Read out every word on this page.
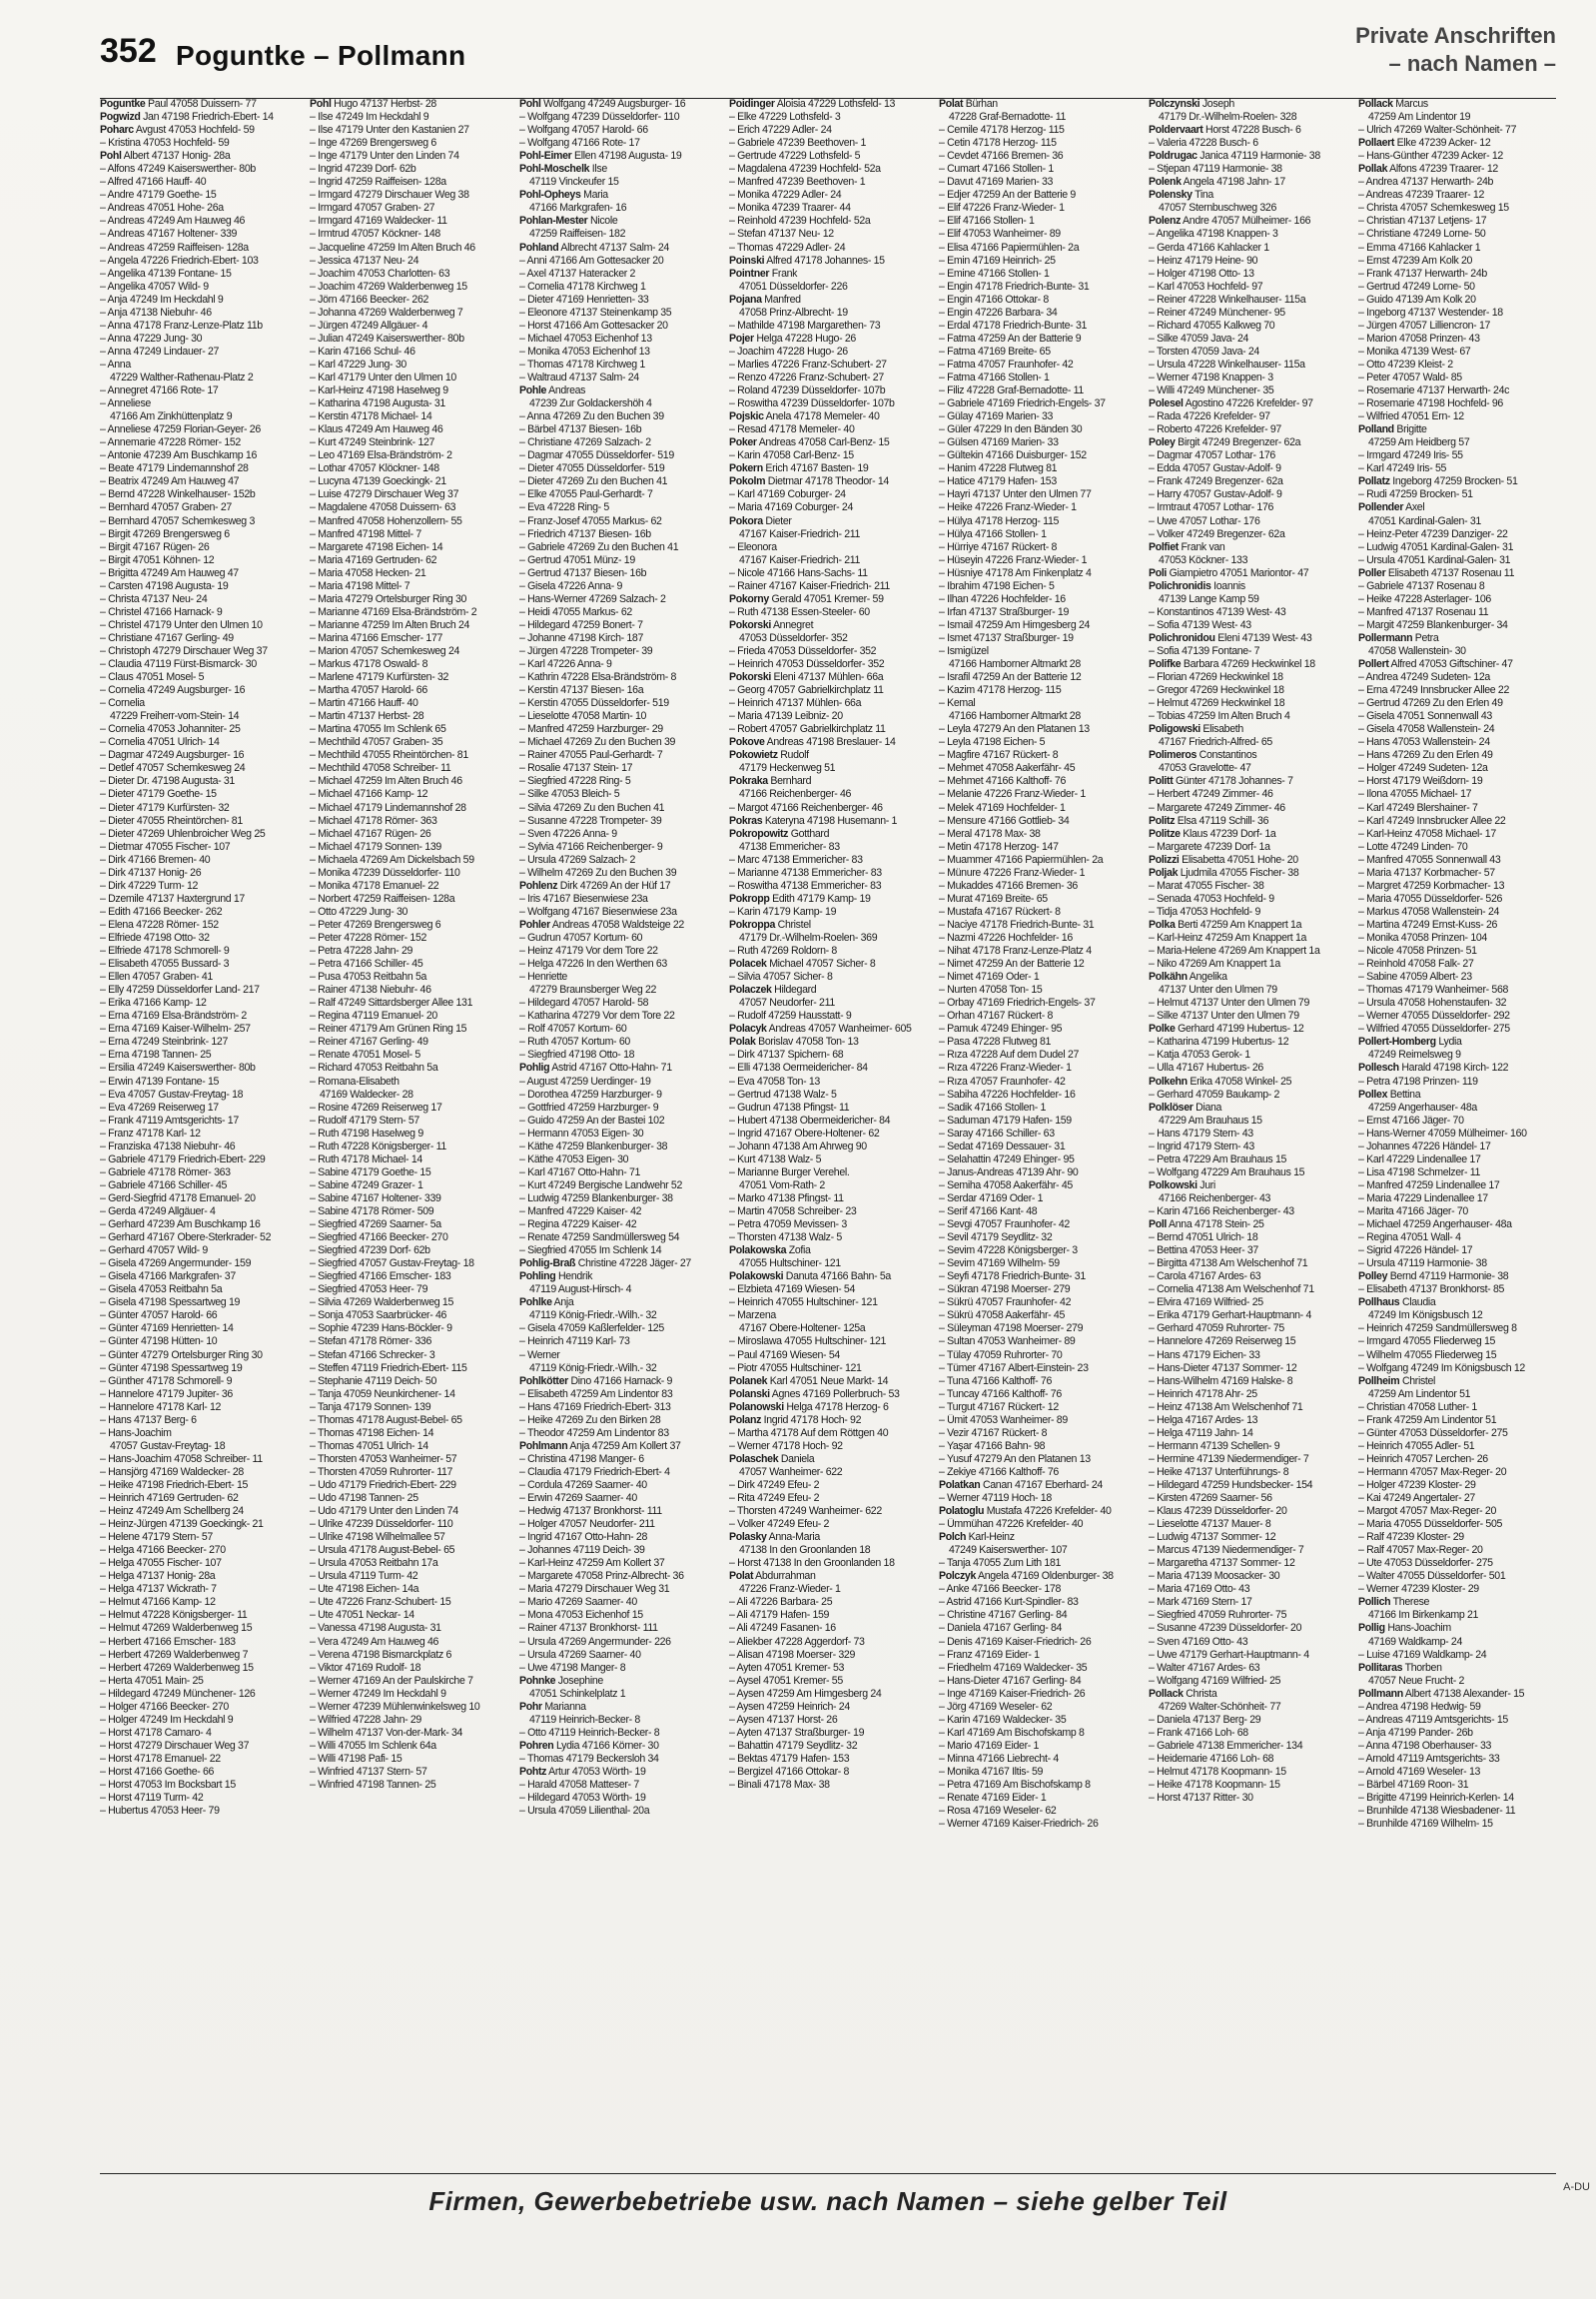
352 Poguntke – Pollmann
Private Anschriften
– nach Namen –
Poguntke Paul 47058 Duissern- 77
Pogwizd Jan 47198 Friedrich-Ebert- 14
Poharc Avgust 47053 Hochfeld- 59
– Kristina 47053 Hochfeld- 59
Pohl Albert 47137 Honig- 28a
– Alfons 47249 Kaiserswerther- 80b
– Alfred 47166 Hauff- 40
– Andre 47179 Goethe- 15
– Andreas 47051 Hohe- 26a
– Andreas 47249 Am Hauweg 46
– Andreas 47167 Holtener- 339
– Andreas 47259 Raiffeisen- 128a
– Angela 47226 Friedrich-Ebert- 103
– Angelika 47139 Fontane- 15
– Angelika 47057 Wild- 9
– Anja 47249 Im Heckdahl 9
– Anja 47138 Niebuhr- 46
– Anna 47178 Franz-Lenze-Platz 11b
– Anna 47229 Jung- 30
– Anna 47249 Lindauer- 27
– Anna
47229 Walther-Rathenau-Platz 2
– Annegret 47166 Rote- 17
– Anneliese
47166 Am Zinkhüttenplatz 9
– Anneliese 47259 Florian-Geyer- 26
– Annemarie 47228 Römer- 152
– Antonie 47239 Am Buschkamp 16
– Beate 47179 Lindemannshof 28
– Beatrix 47249 Am Hauweg 47
– Bernd 47228 Winkelhauser- 152b
– Bernhard 47057 Graben- 27
– Bernhard 47057 Schemkesweg 3
– Birgit 47269 Brengersweg 6
– Birgit 47167 Rügen- 26
– Birgit 47051 Köhnen- 12
– Brigitta 47249 Am Hauweg 47
– Carsten 47198 Augusta- 19
– Christa 47137 Neu- 24
– Christel 47166 Harnack- 9
– Christel 47179 Unter den Ulmen 10
– Christiane 47167 Gerling- 49
– Christoph 47279 Dirschauer Weg 37
– Claudia 47119 Fürst-Bismarck- 30
– Claus 47051 Mosel- 5
– Cornelia 47249 Augsburger- 16
– Cornelia
47229 Freiherr-vom-Stein- 14
– Cornelia 47053 Johanniter- 25
– Cornelia 47051 Ulrich- 14
– Dagmar 47249 Augsburger- 16
– Detlef 47057 Schemkesweg 24
– Dieter Dr. 47198 Augusta- 31
– Dieter 47179 Goethe- 15
– Dieter 47179 Kurfürsten- 32
– Dieter 47055 Rheintörchen- 81
– Dieter 47269 Uhlenbroicher Weg 25
– Dietmar 47055 Fischer- 107
– Dirk 47166 Bremen- 40
– Dirk 47137 Honig- 26
– Dirk 47229 Turm- 12
– Dzemile 47137 Haxtergrund 17
– Edith 47166 Beecker- 262
– Elena 47228 Römer- 152
– Elfriede 47198 Otto- 32
– Elfriede 47178 Schmorell- 9
– Elisabeth 47055 Bussard- 3
– Ellen 47057 Graben- 41
– Elly 47259 Düsseldorfer Land- 217
– Erika 47166 Kamp- 12
– Erna 47169 Elsa-Brändström- 2
– Erna 47169 Kaiser-Wilhelm- 257
– Erna 47249 Steinbrink- 127
– Erna 47198 Tannen- 25
– Ersilia 47249 Kaiserswerther- 80b
– Erwin 47139 Fontane- 15
– Eva 47057 Gustav-Freytag- 18
– Eva 47269 Reiserweg 17
– Frank 47119 Amtsgerichts- 17
– Franz 47178 Karl- 12
– Franziska 47138 Niebuhr- 46
– Gabriele 47179 Friedrich-Ebert- 229
– Gabriele 47178 Römer- 363
– Gabriele 47166 Schiller- 45
– Gerd-Siegfrid 47178 Emanuel- 20
– Gerda 47249 Allgäuer- 4
– Gerhard 47239 Am Buschkamp 16
– Gerhard 47167 Obere-Sterkrader- 52
– Gerhard 47057 Wild- 9
– Gisela 47269 Angermunder- 159
– Gisela 47166 Markgrafen- 37
– Gisela 47053 Reitbahn 5a
– Gisela 47198 Spessartweg 19
– Günter 47057 Harold- 66
– Günter 47169 Henrietten- 14
– Günter 47198 Hütten- 10
– Günter 47279 Ortelsburger Ring 30
– Günter 47198 Spessartweg 19
– Günther 47178 Schmorell- 9
– Hannelore 47179 Jupiter- 36
– Hannelore 47178 Karl- 12
– Hans 47137 Berg- 6
– Hans-Joachim
47057 Gustav-Freytag- 18
– Hans-Joachim 47058 Schreiber- 11
– Hansjörg 47169 Waldecker- 28
– Heike 47198 Friedrich-Ebert- 15
– Heinrich 47169 Gertruden- 62
– Heinz 47249 Am Schellberg 24
– Heinz-Jürgen 47139 Goeckingk- 21
– Helene 47179 Stern- 57
– Helga 47166 Beecker- 270
– Helga 47055 Fischer- 107
– Helga 47137 Honig- 28a
– Helga 47137 Wickrath- 7
– Helmut 47166 Kamp- 12
– Helmut 47228 Königsberger- 11
– Helmut 47269 Walderbenweg 15
– Herbert 47166 Emscher- 183
– Herbert 47269 Walderbenweg 7
– Herbert 47269 Walderbenweg 15
– Herta 47051 Main- 25
– Hildegard 47249 Münchener- 126
– Holger 47166 Beecker- 270
– Holger 47249 Im Heckdahl 9
– Horst 47178 Camaro- 4
– Horst 47279 Dirschauer Weg 37
– Horst 47178 Emanuel- 22
– Horst 47166 Goethe- 66
– Horst 47053 Im Bocksbart 15
– Horst 47119 Turm- 42
– Hubertus 47053 Heer- 79
Pohl Hugo 47137 Herbst- 28
– Ilse 47249 Im Heckdahl 9
– Ilse 47179 Unter den Kastanien 27
– Inge 47269 Brengersweg 6
– Inge 47179 Unter den Linden 74
– Ingrid 47239 Dorf- 62b
– Ingrid 47259 Raiffeisen- 128a
– Irmgard 47279 Dirschauer Weg 38
– Irmgard 47057 Graben- 27
– Irmgard 47169 Waldecker- 11
– Irmtrud 47057 Köckner- 148
– Jacqueline 47259 Im Alten Bruch 46
– Jessica 47137 Neu- 24
– Joachim 47053 Charlotten- 63
– Joachim 47269 Walderbenweg 15
– Jörn 47166 Beecker- 262
– Johanna 47269 Walderbenweg 7
– Jürgen 47249 Allgäuer- 4
– Julian 47249 Kaiserswerther- 80b
– Karin 47166 Schul- 46
– Karl 47229 Jung- 30
– Karl 47179 Unter den Ulmen 10
– Karl-Heinz 47198 Haselweg 9
– Katharina 47198 Augusta- 31
– Kerstin 47178 Michael- 14
– Klaus 47249 Am Hauweg 46
– Kurt 47249 Steinbrink- 127
– Leo 47169 Elsa-Brändström- 2
– Lothar 47057 Klöckner- 148
– Lucyna 47139 Goeckingk- 21
– Luise 47279 Dirschauer Weg 37
– Magdalene 47058 Duissern- 63
– Manfred 47058 Hohenzollern- 55
– Manfred 47198 Mittel- 7
– Margarete 47198 Eichen- 14
– Maria 47169 Gertruden- 62
– Maria 47058 Hecken- 21
– Maria 47198 Mittel- 7
– Maria 47279 Ortelsburger Ring 30
– Marianne 47169 Elsa-Brändström- 2
– Marianne 47259 Im Alten Bruch 24
– Marina 47166 Emscher- 177
– Marion 47057 Schemkesweg 24
– Markus 47178 Oswald- 8
– Marlene 47179 Kurfürsten- 32
– Martha 47057 Harold- 66
– Martin 47166 Hauff- 40
– Martin 47137 Herbst- 28
– Martina 47055 Im Schlenk 65
– Mechthild 47057 Graben- 35
– Mechthild 47055 Rheintörchen- 81
– Mechthild 47058 Schreiber- 11
– Michael 47259 Im Alten Bruch 46
– Michael 47166 Kamp- 12
– Michael 47179 Lindemannshof 28
– Michael 47178 Römer- 363
– Michael 47167 Rügen- 26
– Michael 47179 Sonnen- 139
– Michaela 47269 Am Dickelsbach 59
– Monika 47239 Düsseldorfer- 110
– Monika 47178 Emanuel- 22
– Norbert 47259 Raiffeisen- 128a
– Otto 47229 Jung- 30
– Peter 47269 Brengersweg 6
– Peter 47228 Römer- 152
– Petra 47228 Jahn- 29
– Petra 47166 Schiller- 45
– Pusa 47053 Reitbahn 5a
– Rainer 47138 Niebuhr- 46
– Ralf 47249 Sittardsberger Allee 131
– Regina 47119 Emanuel- 20
– Reiner 47179 Am Grünen Ring 15
– Reiner 47167 Gerling- 49
– Renate 47051 Mosel- 5
– Richard 47053 Reitbahn 5a
– Romana-Elisabeth
47169 Waldecker- 28
– Rosine 47269 Reiserweg 17
– Rudolf 47179 Stern- 57
– Ruth 47198 Haselweg 9
– Ruth 47228 Königsberger- 11
– Ruth 47178 Michael- 14
– Sabine 47179 Goethe- 15
– Sabine 47249 Grazer- 1
– Sabine 47167 Holtener- 339
– Sabine 47178 Römer- 509
– Siegfried 47269 Saarner- 5a
– Siegfried 47166 Beecker- 270
– Siegfried 47239 Dorf- 62b
– Siegfried 47057 Gustav-Freytag- 18
– Siegfried 47166 Emscher- 183
– Siegfried 47053 Heer- 79
– Silvia 47269 Walderbenweg 15
– Sonja 47053 Saarbrücker- 46
– Sophie 47239 Hans-Böckler- 9
– Stefan 47178 Römer- 336
– Stefan 47166 Schrecker- 3
– Steffen 47119 Friedrich-Ebert- 115
– Stephanie 47119 Deich- 50
– Tanja 47059 Neunkirchener- 14
– Tanja 47179 Sonnen- 139
– Thomas 47178 August-Bebel- 65
– Thomas 47198 Eichen- 14
– Thomas 47051 Ulrich- 14
– Thorsten 47053 Wanheimer- 57
– Thorsten 47059 Ruhrorter- 117
– Udo 47179 Friedrich-Ebert- 229
– Udo 47198 Tannen- 25
– Udo 47179 Unter den Linden 74
– Ulrike 47239 Düsseldorfer- 110
– Ulrike 47198 Wilhelmallee 57
– Ursula 47178 August-Bebel- 65
– Ursula 47053 Reitbahn 17a
– Ursula 47119 Turm- 42
– Ute 47198 Eichen- 14a
– Ute 47226 Franz-Schubert- 15
– Ute 47051 Neckar- 14
– Vanessa 47198 Augusta- 31
– Vera 47249 Am Hauweg 46
– Verena 47198 Bismarckplatz 6
– Viktor 47169 Rudolf- 18
– Werner 47169 An der Paulskirche 7
– Werner 47249 Im Heckdahl 9
– Werner 47239 Mühlenwinkelsweg 10
– Wilfried 47228 Jahn- 29
– Wilhelm 47137 Von-der-Mark- 34
– Willi 47055 Im Schlenk 64a
– Willi 47198 Pafi- 15
– Winfried 47137 Stern- 57
– Winfried 47198 Tannen- 25
Pohl Wolfgang 47249 Augsburger- 16
– Wolfgang 47239 Düsseldorfer- 110
– Wolfgang 47057 Harold- 66
– Wolfgang 47166 Rote- 17
Pohl-Eimer Ellen 47198 Augusta- 19
Pohl-Moschelk Ilse
47119 Vinckeufer 15
Pohl-Opheys Maria
47166 Markgrafen- 16
Pohlan-Mester Nicole
47259 Raiffeisen- 182
Pohland Albrecht 47137 Salm- 24
– Anni 47166 Am Gottesacker 20
– Axel 47137 Hateracker 2
– Cornelia 47178 Kirchweg 1
– Dieter 47169 Henrietten- 33
– Eleonore 47137 Steinenkamp 35
– Horst 47166 Am Gottesacker 20
– Michael 47053 Eichenhof 13
– Monika 47053 Eichenhof 13
– Thomas 47178 Kirchweg 1
– Waltraud 47137 Salm- 24
Pohle Andreas
47239 Zur Goldackershöh 4
– Anna 47269 Zu den Buchen 39
– Bärbel 47137 Biesen- 16b
– Christiane 47269 Salzach- 2
– Dagmar 47055 Düsseldorfer- 519
– Dieter 47055 Düsseldorfer- 519
– Dieter 47269 Zu den Buchen 41
– Elke 47055 Paul-Gerhardt- 7
– Eva 47228 Ring- 5
– Franz-Josef 47055 Markus- 62
– Friedrich 47137 Biesen- 16b
– Gabriele 47269 Zu den Buchen 41
– Gertrud 47051 Münz- 19
– Gertrud 47137 Biesen- 16b
– Gisela 47226 Anna- 9
– Hans-Werner 47269 Salzach- 2
– Heidi 47055 Markus- 62
– Hildegard 47259 Bonert- 7
– Johanne 47198 Kirch- 187
– Jürgen 47228 Trompeter- 39
– Karl 47226 Anna- 9
– Kathrin 47228 Elsa-Brändström- 8
– Kerstin 47137 Biesen- 16a
– Kerstin 47055 Düsseldorfer- 519
– Lieselotte 47058 Martin- 10
– Manfred 47259 Harzburger- 29
– Michael 47269 Zu den Buchen 39
– Rainer 47055 Paul-Gerhardt- 7
– Rosalie 47137 Stein- 17
– Siegfried 47228 Ring- 5
– Silke 47053 Bleich- 5
– Silvia 47269 Zu den Buchen 41
– Susanne 47228 Trompeter- 39
– Sven 47226 Anna- 9
– Sylvia 47166 Reichenberger- 9
– Ursula 47269 Salzach- 2
– Wilhelm 47269 Zu den Buchen 39
Pohlenz Dirk 47269 An der Hüf 17
– Iris 47167 Biesenwiese 23a
– Wolfgang 47167 Biesenwiese 23a
Pohler Andreas 47058 Waldsteige 22
– Gudrun 47057 Kortum- 60
– Heinz 47179 Vor dem Tore 22
– Helga 47226 In den Werthen 63
– Henriette
47279 Braunsberger Weg 22
– Hildegard 47057 Harold- 58
– Katharina 47279 Vor dem Tore 22
– Rolf 47057 Kortum- 60
– Ruth 47057 Kortum- 60
– Siegfried 47198 Otto- 18
Pohlig Astrid 47167 Otto-Hahn- 71
– August 47259 Uerdinger- 19
– Dorothea 47259 Harzburger- 9
– Gottfried 47259 Harzburger- 9
– Guido 47259 An der Bastei 102
– Hermann 47053 Eigen- 30
– Käthe 47259 Blankenburger- 38
– Käthe 47053 Eigen- 30
– Karl 47167 Otto-Hahn- 71
– Kurt 47249 Bergische Landwehr 52
– Ludwig 47259 Blankenburger- 38
– Manfred 47229 Kaiser- 42
– Regina 47229 Kaiser- 42
– Renate 47259 Sandmüllersweg 54
– Siegfried 47055 Im Schlenk 14
Pohlig-Braß Christine 47228 Jäger- 27
Pohling Hendrik
47119 August-Hirsch- 4
Pohlke Anja
47119 König-Friedr.-Wilh.- 32
– Gisela 47059 Kaßlerfelder- 125
– Heinrich 47119 Karl- 73
– Werner
47119 König-Friedr.-Wilh.- 32
Pohlkötter Dino 47166 Harnack- 9
– Elisabeth 47259 Am Lindentor 83
– Hans 47169 Friedrich-Ebert- 313
– Heike 47269 Zu den Birken 28
– Theodor 47259 Am Lindentor 83
Pohlmann Anja 47259 Am Kollert 37
– Christina 47198 Manger- 6
– Claudia 47179 Friedrich-Ebert- 4
– Cordula 47269 Saarner- 40
– Erwin 47269 Saarner- 40
– Hedwig 47137 Bronkhorst- 111
– Holger 47057 Neudorfer- 211
– Ingrid 47167 Otto-Hahn- 28
– Johannes 47119 Deich- 39
– Karl-Heinz 47259 Am Kollert 37
– Margarete 47058 Prinz-Albrecht- 36
– Maria 47279 Dirschauer Weg 31
– Mario 47269 Saarner- 40
– Mona 47053 Eichenhof 15
– Rainer 47137 Bronkhorst- 111
– Ursula 47269 Angermunder- 226
– Ursula 47269 Saarner- 40
– Uwe 47198 Manger- 8
Pohnke Josephine
47051 Schinkelplatz 1
Pohr Marianna
47119 Heinrich-Becker- 8
– Otto 47119 Heinrich-Becker- 8
Pohren Lydia 47166 Körner- 30
– Thomas 47179 Beckersloh 34
Pohtz Artur 47053 Wörth- 19
– Harald 47058 Matteser- 7
– Hildegard 47053 Wörth- 19
– Ursula 47059 Lilienthal- 20a
Poidinger Aloisia 47229 Lothsfeld- 13
– Elke 47229 Lothsfeld- 3
– Erich 47229 Adler- 24
– Gabriele 47239 Beethoven- 1
– Gertrude 47229 Lothsfeld- 5
– Magdalena 47239 Hochfeld- 52a
– Manfred 47239 Beethoven- 1
– Monika 47229 Adler- 24
– Monika 47239 Traarer- 44
– Reinhold 47239 Hochfeld- 52a
– Stefan 47137 Neu- 12
– Thomas 47229 Adler- 24
Poinski Alfred 47178 Johannes- 15
Pointner Frank
47051 Düsseldorfer- 226
Pojana Manfred
47058 Prinz-Albrecht- 19
– Mathilde 47198 Margarethen- 73
Pojer Helga 47228 Hugo- 26
– Joachim 47228 Hugo- 26
– Marlies 47226 Franz-Schubert- 27
– Renzo 47226 Franz-Schubert- 27
– Roland 47239 Düsseldorfer- 107b
– Roswitha 47239 Düsseldorfer- 107b
Pojskic Anela 47178 Memeler- 40
– Resad 47178 Memeler- 40
Poker Andreas 47058 Carl-Benz- 15
– Karin 47058 Carl-Benz- 15
Pokern Erich 47167 Basten- 19
Pokolm Dietmar 47178 Theodor- 14
– Karl 47169 Coburger- 24
– Maria 47169 Coburger- 24
Pokora Dieter
47167 Kaiser-Friedrich- 211
– Eleonora
47167 Kaiser-Friedrich- 211
– Nicole 47166 Hans-Sachs- 11
– Rainer 47167 Kaiser-Friedrich- 211
Pokorny Gerald 47051 Kremer- 59
– Ruth 47138 Essen-Steeler- 60
Pokorski Annegret
47053 Düsseldorfer- 352
– Frieda 47053 Düsseldorfer- 352
– Heinrich 47053 Düsseldorfer- 352
Pokorski Eleni 47137 Mühlen- 66a
– Georg 47057 Gabrielkirchplatz 11
– Heinrich 47137 Mühlen- 66a
– Maria 47139 Leibniz- 20
– Robert 47057 Gabrielkirchplatz 11
Pokove Andreas 47198 Breslauer- 14
Pokowietz Rudolf
47179 Heckenweg 51
Pokraka Bernhard
47166 Reichenberger- 46
– Margot 47166 Reichenberger- 46
Pokras Kateryna 47198 Husemann- 1
Pokropowitz Gotthard
47138 Emmericher- 83
– Marc 47138 Emmericher- 83
– Marianne 47138 Emmericher- 83
– Roswitha 47138 Emmericher- 83
Pokropp Edith 47179 Kamp- 19
– Karin 47179 Kamp- 19
Pokroppa Christel
47179 Dr.-Wilhelm-Roelen- 369
– Ruth 47269 Roldorn- 8
Polacek Michael 47057 Sicher- 8
– Silvia 47057 Sicher- 8
Polaczek Hildegard
47057 Neudorfer- 211
– Rudolf 47259 Hausstatt- 9
Polacyk Andreas 47057 Wanheimer- 605
Polak Borislav 47058 Ton- 13
– Dirk 47137 Spichern- 68
– Elli 47138 Oermeidericher- 84
– Eva 47058 Ton- 13
– Gertrud 47138 Walz- 5
– Gudrun 47138 Pfingst- 11
– Hubert 47138 Obermeidericher- 84
– Ingrid 47167 Obere-Holtener- 62
– Johann 47138 Am Ahrweg 90
– Kurt 47138 Walz- 5
– Marianne Burger Verehel.
47051 Vom-Rath- 2
– Marko 47138 Pfingst- 11
– Martin 47058 Schreiber- 23
– Petra 47059 Mevissen- 3
– Thorsten 47138 Walz- 5
Polakowska Zofia
47055 Hultschiner- 121
Polakowski Danuta 47166 Bahn- 5a
– Elzbieta 47169 Wiesen- 54
– Heinrich 47055 Hultschiner- 121
– Marzena
47167 Obere-Holtener- 125a
– Miroslawa 47055 Hultschiner- 121
– Paul 47169 Wiesen- 54
– Piotr 47055 Hultschiner- 121
Polanek Karl 47051 Neue Markt- 14
Polanski Agnes 47169 Pollerbruch- 53
Polanowski Helga 47178 Herzog- 6
Polanz Ingrid 47178 Hoch- 92
– Martha 47178 Auf dem Röttgen 40
– Werner 47178 Hoch- 92
Polaschek Daniela
47057 Wanheimer- 622
– Dirk 47249 Efeu- 2
– Rita 47249 Efeu- 2
– Thorsten 47249 Wanheimer- 622
– Volker 47249 Efeu- 2
Polasky Anna-Maria
47138 In den Groonlanden 18
– Horst 47138 In den Groonlanden 18
Polat Abdurrahman
47226 Franz-Wieder- 1
– Ali 47226 Barbara- 25
– Ali 47179 Hafen- 159
– Ali 47249 Fasanen- 16
– Aliekber 47228 Aggerdorf- 73
– Alisan 47198 Moerser- 329
– Ayten 47051 Kremer- 53
– Aysel 47051 Kremer- 55
– Aysen 47259 Am Himgesberg 24
– Aysen 47259 Heinrich- 24
– Aysen 47137 Horst- 26
– Ayten 47137 Straßburger- 19
– Bahattin 47179 Seydlitz- 32
– Bektas 47179 Hafen- 153
– Bergizel 47166 Ottokar- 8
– Binali 47178 Max- 38
Polat Bürhan
47228 Graf-Bernadotte- 11
– Cemile 47178 Herzog- 115
– Cetin 47178 Herzog- 115
– Cevdet 47166 Bremen- 36
– Cumart 47166 Stollen- 1
– Davut 47169 Marien- 33
– Edjer 47259 An der Batterie 9
– Elif 47226 Franz-Wieder- 1
– Elif 47166 Stollen- 1
– Elif 47053 Wanheimer- 89
– Elisa 47166 Papiermühlen- 2a
– Emin 47169 Heinrich- 25
– Emine 47166 Stollen- 1
– Engin 47178 Friedrich-Bunte- 31
– Engin 47166 Ottokar- 8
– Engin 47226 Barbara- 34
– Erdal 47178 Friedrich-Bunte- 31
– Fatma 47259 An der Batterie 9
– Fatma 47169 Breite- 65
– Fatma 47057 Fraunhofer- 42
– Fatma 47166 Stollen- 1
– Filiz 47228 Graf-Bernadotte- 11
– Gabriele 47169 Friedrich-Engels- 37
– Gülay 47169 Marien- 33
– Güler 47229 In den Bänden 30
– Gülsen 47169 Marien- 33
– Gültekin 47166 Duisburger- 152
– Hanim 47228 Flutweg 81
– Hatice 47179 Hafen- 153
– Hayri 47137 Unter den Ulmen 77
– Heike 47226 Franz-Wieder- 1
– Hülya 47178 Herzog- 115
– Hülya 47166 Stollen- 1
– Hürriye 47167 Rückert- 8
– Hüseyin 47226 Franz-Wieder- 1
– Hüsniye 47178 Am Finkenplatz 4
– Ibrahim 47198 Eichen- 5
– Ilhan 47226 Hochfelder- 16
– Irfan 47137 Straßburger- 19
– Ismail 47259 Am Himgesberg 24
– Ismet 47137 Straßburger- 19
– Ismigüzel
47166 Hamborner Altmarkt 28
– Israfil 47259 An der Batterie 12
– Kazim 47178 Herzog- 115
– Kemal
47166 Hamborner Altmarkt 28
– Leyla 47279 An den Platanen 13
– Leyla 47198 Eichen- 5
– Magfire 47167 Rückert- 8
– Mehmet 47058 Aakerfähr- 45
– Mehmet 47166 Kalthoff- 76
– Melanie 47226 Franz-Wieder- 1
– Melek 47169 Hochfelder- 1
– Mensure 47166 Gottlieb- 34
– Meral 47178 Max- 38
– Metin 47178 Herzog- 147
– Muammer 47166 Papiermühlen- 2a
– Münure 47226 Franz-Wieder- 1
– Mukaddes 47166 Bremen- 36
– Murat 47169 Breite- 65
– Mustafa 47167 Rückert- 8
– Naciye 47178 Friedrich-Bunte- 31
– Nazmi 47226 Hochfelder- 16
– Nihat 47178 Franz-Lenze-Platz 4
– Nimet 47259 An der Batterie 12
– Nimet 47169 Oder- 1
– Nurten 47058 Ton- 15
– Orbay 47169 Friedrich-Engels- 37
– Orhan 47167 Rückert- 8
– Pamuk 47249 Ehinger- 95
– Pasa 47228 Flutweg 81
– Rıza 47228 Auf dem Dudel 27
– Rıza 47226 Franz-Wieder- 1
– Rıza 47057 Fraunhofer- 42
– Sabiha 47226 Hochfelder- 16
– Sadik 47166 Stollen- 1
– Saduman 47179 Hafen- 159
– Saray 47166 Schiller- 63
– Sedat 47169 Dessauer- 31
– Selahattin 47249 Ehinger- 95
– Janus-Andreas 47139 Ahr- 90
– Semiha 47058 Aakerfähr- 45
– Serdar 47169 Oder- 1
– Serif 47166 Kant- 48
– Sevgi 47057 Fraunhofer- 42
– Sevil 47179 Seydlitz- 32
– Sevim 47228 Königsberger- 3
– Sevim 47169 Wilhelm- 59
– Seyfi 47178 Friedrich-Bunte- 31
– Sükran 47198 Moerser- 279
– Sükrü 47057 Fraunhofer- 42
– Sükrü 47058 Aakerfähr- 45
– Süleyman 47198 Moerser- 279
– Sultan 47053 Wanheimer- 89
– Tülay 47059 Ruhrorter- 70
– Tümer 47167 Albert-Einstein- 23
– Tuna 47166 Kalthoff- 76
– Tuncay 47166 Kalthoff- 76
– Turgut 47167 Rückert- 12
– Ümit 47053 Wanheimer- 89
– Vezir 47167 Rückert- 8
– Yaşar 47166 Bahn- 98
– Yusuf 47279 An den Platanen 13
– Zekiye 47166 Kalthoff- 76
Polatkan Canan 47167 Eberhard- 24
– Werner 47119 Hoch- 18
Polatoglu Mustafa 47226 Krefelder- 40
– Ümmühan 47226 Krefelder- 40
Polch Karl-Heinz
47249 Kaiserswerther- 107
– Tanja 47055 Zum Lith 181
Polczyk Angela 47169 Oldenburger- 38
– Anke 47166 Beecker- 178
– Astrid 47166 Kurt-Spindler- 83
– Christine 47167 Gerling- 84
– Daniela 47167 Gerling- 84
– Denis 47169 Kaiser-Friedrich- 26
– Franz 47169 Eider- 1
– Friedhelm 47169 Waldecker- 35
– Hans-Dieter 47167 Gerling- 84
– Inge 47169 Kaiser-Friedrich- 26
– Jörg 47169 Weseler- 62
– Karin 47169 Waldecker- 35
– Karl 47169 Am Bischofskamp 8
– Mario 47169 Eider- 1
– Minna 47166 Liebrecht- 4
– Monika 47167 Iltis- 59
– Petra 47169 Am Bischofskamp 8
– Renate 47169 Eider- 1
– Rosa 47169 Weseler- 62
– Werner 47169 Kaiser-Friedrich- 26
Polczynski Joseph
47179 Dr.-Wilhelm-Roelen- 328
Poldervaart Horst 47228 Busch- 6
– Valeria 47228 Busch- 6
Poldrugac Janica 47119 Harmonie- 38
– Stjepan 47119 Harmonie- 38
Polenk Angela 47198 Jahn- 17
Polensky Tina
47057 Sternbuschweg 326
Polenz Andre 47057 Mülheimer- 166
– Angelika 47198 Knappen- 3
– Gerda 47166 Kahlacker 1
– Heinz 47179 Heine- 90
– Holger 47198 Otto- 13
– Karl 47053 Hochfeld- 97
– Reiner 47228 Winkelhauser- 115a
– Reiner 47249 Münchener- 95
– Richard 47055 Kalkweg 70
– Silke 47059 Java- 24
– Torsten 47059 Java- 24
– Ursula 47228 Winkelhauser- 115a
– Werner 47198 Knappen- 3
– Willi 47249 Münchener- 35
Polesel Agostino 47226 Krefelder- 97
– Rada 47226 Krefelder- 97
– Roberto 47226 Krefelder- 97
Poley Birgit 47249 Bregenzer- 62a
– Dagmar 47057 Lothar- 176
– Edda 47057 Gustav-Adolf- 9
– Frank 47249 Bregenzer- 62a
– Harry 47057 Gustav-Adolf- 9
– Irmtraut 47057 Lothar- 176
– Uwe 47057 Lothar- 176
– Volker 47249 Bregenzer- 62a
Polfiet Frank van
47053 Köckner- 133
Poli Giampietro 47051 Mariontor- 47
Polichronidis Ioannis
47139 Lange Kamp 59
– Konstantinos 47139 West- 43
– Sofia 47139 West- 43
Polichronidou Eleni 47139 West- 43
– Sofia 47139 Fontane- 7
Polifke Barbara 47269 Heckwinkel 18
– Florian 47269 Heckwinkel 18
– Gregor 47269 Heckwinkel 18
– Helmut 47269 Heckwinkel 18
– Tobias 47259 Im Alten Bruch 4
Poligowski Elisabeth
47167 Friedrich-Alfred- 65
Polimeros Constantinos
47053 Gravelotte- 47
Politt Günter 47178 Johannes- 7
– Herbert 47249 Zimmer- 46
– Margarete 47249 Zimmer- 46
Politz Elsa 47119 Schill- 36
Politze Klaus 47239 Dorf- 1a
– Margarete 47239 Dorf- 1a
Polizzi Elisabetta 47051 Hohe- 20
Poljak Ljudmila 47055 Fischer- 38
– Marat 47055 Fischer- 38
– Senada 47053 Hochfeld- 9
– Tidja 47053 Hochfeld- 9
Polka Berti 47259 Am Knappert 1a
– Karl-Heinz 47259 Am Knappert 1a
– Maria-Helene 47269 Am Knappert 1a
– Niko 47269 Am Knappert 1a
Polkähn Angelika
47137 Unter den Ulmen 79
– Helmut 47137 Unter den Ulmen 79
– Silke 47137 Unter den Ulmen 79
Polke Gerhard 47199 Hubertus- 12
– Katharina 47199 Hubertus- 12
– Katja 47053 Gerok- 1
– Ulla 47167 Hubertus- 26
Polkehn Erika 47058 Winkel- 25
– Gerhard 47059 Baukamp- 2
Polklöser Diana
47229 Am Brauhaus 15
– Hans 47179 Stern- 43
– Ingrid 47179 Stern- 43
– Petra 47229 Am Brauhaus 15
– Wolfgang 47229 Am Brauhaus 15
Polkowski Juri
47166 Reichenberger- 43
– Karin 47166 Reichenberger- 43
Poll Anna 47178 Stein- 25
– Bernd 47051 Ulrich- 18
– Bettina 47053 Heer- 37
– Birgitta 47138 Am Welschenhof 71
– Carola 47167 Ardes- 63
– Cornelia 47138 Am Welschenhof 71
– Elvira 47169 Wilfried- 25
– Erika 47179 Gerhart-Hauptmann- 4
– Gerhard 47059 Ruhrorter- 75
– Hannelore 47269 Reiserweg 15
– Hans 47179 Eichen- 33
– Hans-Dieter 47137 Sommer- 12
– Hans-Wilhelm 47169 Halske- 8
– Heinrich 47178 Ahr- 25
– Heinz 47138 Am Welschenhof 71
– Helga 47167 Ardes- 13
– Helga 47119 Jahn- 14
– Hermann 47139 Schellen- 9
– Hermine 47139 Niedermendiger- 7
– Heike 47137 Unterführungs- 8
– Hildegard 47259 Hundsbecker- 154
– Kirsten 47269 Saarner- 56
– Klaus 47239 Düsseldorfer- 20
– Lieselotte 47137 Mauer- 8
– Ludwig 47137 Sommer- 12
– Marcus 47139 Niedermendiger- 7
– Margaretha 47137 Sommer- 12
– Maria 47139 Moosacker- 30
– Maria 47169 Otto- 43
– Mark 47169 Stern- 17
– Siegfried 47059 Ruhrorter- 75
– Susanne 47239 Düsseldorfer- 20
– Sven 47169 Otto- 43
– Uwe 47179 Gerhart-Hauptmann- 4
– Walter 47167 Ardes- 63
– Wolfgang 47169 Wilfried- 25
Pollack Christa
47269 Walter-Schönheit- 77
– Daniela 47137 Berg- 29
– Frank 47166 Loh- 68
– Gabriele 47138 Emmericher- 134
– Heidemarie 47166 Loh- 68
– Helmut 47178 Koopmann- 15
– Heike 47178 Koopmann- 15
– Horst 47137 Ritter- 30
Pollack Marcus
47259 Am Lindentor 19
– Ulrich 47269 Walter-Schönheit- 77
Pollaert Elke 47239 Acker- 12
– Hans-Günther 47239 Acker- 12
Pollak Alfons 47239 Traarer- 12
– Andrea 47137 Herwarth- 24b
– Andreas 47239 Traarer- 12
– Christa 47057 Schemkesweg 15
– Christian 47137 Letjens- 17
– Christiane 47249 Lorne- 50
– Emma 47166 Kahlacker 1
– Ernst 47239 Am Kolk 20
– Frank 47137 Herwarth- 24b
– Gertrud 47249 Lorne- 50
– Guido 47139 Am Kolk 20
– Ingeborg 47137 Westender- 18
– Jürgen 47057 Lilliencron- 17
– Marion 47058 Prinzen- 43
– Monika 47139 West- 67
– Otto 47239 Kleist- 2
– Peter 47057 Wald- 85
– Rosemarie 47137 Herwarth- 24c
– Rosemarie 47198 Hochfeld- 96
– Wilfried 47051 Ern- 12
Polland Brigitte
47259 Am Heidberg 57
– Irmgard 47249 Iris- 55
– Karl 47249 Iris- 55
Pollatz Ingeborg 47259 Brocken- 51
– Rudi 47259 Brocken- 51
Pollender Axel
47051 Kardinal-Galen- 31
– Heinz-Peter 47239 Danziger- 22
– Ludwig 47051 Kardinal-Galen- 31
– Ursula 47051 Kardinal-Galen- 31
Poller Elisabeth 47137 Rosenau 11
– Gabriele 47137 Rosenau 8
– Heike 47228 Asterlager- 106
– Manfred 47137 Rosenau 11
– Margit 47259 Blankenburger- 34
Pollermann Petra
47058 Wallenstein- 30
Pollert Alfred 47053 Giftschiner- 47
– Andrea 47249 Sudeten- 12a
– Erna 47249 Innsbrucker Allee 22
– Gertrud 47269 Zu den Erlen 49
– Gisela 47051 Sonnenwall 43
– Gisela 47058 Wallenstein- 24
– Hans 47053 Wallenstein- 24
– Hans 47269 Zu den Erlen 49
– Holger 47249 Sudeten- 12a
– Horst 47179 Weißdorn- 19
– Ilona 47055 Michael- 17
– Karl 47249 Blershainer- 7
– Karl 47249 Innsbrucker Allee 22
– Karl-Heinz 47058 Michael- 17
– Lotte 47249 Linden- 70
– Manfred 47055 Sonnenwall 43
– Maria 47137 Korbmacher- 57
– Margret 47259 Korbmacher- 13
– Maria 47055 Düsseldorfer- 526
– Markus 47058 Wallenstein- 24
– Martina 47249 Ernst-Kuss- 26
– Monika 47058 Prinzen- 104
– Nicole 47058 Prinzen- 51
– Reinhold 47058 Falk- 27
– Sabine 47059 Albert- 23
– Thomas 47179 Wanheimer- 568
– Ursula 47058 Hohenstaufen- 32
– Werner 47055 Düsseldorfer- 292
– Wilfried 47055 Düsseldorfer- 275
Pollert-Homberg Lydia
47249 Reimelsweg 9
Pollesch Harald 47198 Kirch- 122
– Petra 47198 Prinzen- 119
Pollex Bettina
47259 Angerhauser- 48a
– Ernst 47166 Jäger- 70
– Hans-Werner 47059 Mülheimer- 160
– Johannes 47226 Händel- 17
– Karl 47229 Lindenallee 17
– Lisa 47198 Schmelzer- 11
– Manfred 47259 Lindenallee 17
– Maria 47229 Lindenallee 17
– Marita 47166 Jäger- 70
– Michael 47259 Angerhauser- 48a
– Regina 47051 Wall- 4
– Sigrid 47226 Händel- 17
– Ursula 47119 Harmonie- 38
Polley Bernd 47119 Harmonie- 38
– Elisabeth 47137 Bronkhorst- 85
Pollhaus Claudia
47249 Im Königsbusch 12
– Heinrich 47259 Sandmüllersweg 8
– Irmgard 47055 Fliederweg 15
– Wilhelm 47055 Fliederweg 15
– Wolfgang 47249 Im Königsbusch 12
Pollheim Christel
47259 Am Lindentor 51
– Christian 47058 Luther- 1
– Frank 47259 Am Lindentor 51
– Günter 47053 Düsseldorfer- 275
– Heinrich 47055 Adler- 51
– Heinrich 47057 Lerchen- 26
– Hermann 47057 Max-Reger- 20
– Holger 47239 Kloster- 29
– Kai 47249 Angertaler- 27
– Margot 47057 Max-Reger- 20
– Maria 47055 Düsseldorfer- 505
– Ralf 47239 Kloster- 29
– Ralf 47057 Max-Reger- 20
– Ute 47053 Düsseldorfer- 275
– Walter 47055 Düsseldorfer- 501
– Werner 47239 Kloster- 29
Pollich Therese
47166 Im Birkenkamp 21
Pollig Hans-Joachim
47169 Waldkamp- 24
– Luise 47169 Waldkamp- 24
Pollitaras Thorben
47057 Neue Frucht- 2
Pollmann Albert 47138 Alexander- 15
– Andrea 47198 Hedwig- 59
– Andreas 47119 Amtsgerichts- 15
– Anja 47199 Pander- 26b
– Anna 47198 Oberhauser- 33
– Arnold 47119 Amtsgerichts- 33
– Arnold 47169 Weseler- 13
– Bärbel 47169 Roon- 31
– Brigitte 47199 Heinrich-Kerlen- 14
– Brunhilde 47138 Wiesbadener- 11
– Brunhilde 47169 Wilhelm- 15
Firmen, Gewerbebetriebe usw. nach Namen – siehe gelber Teil	A-DU
